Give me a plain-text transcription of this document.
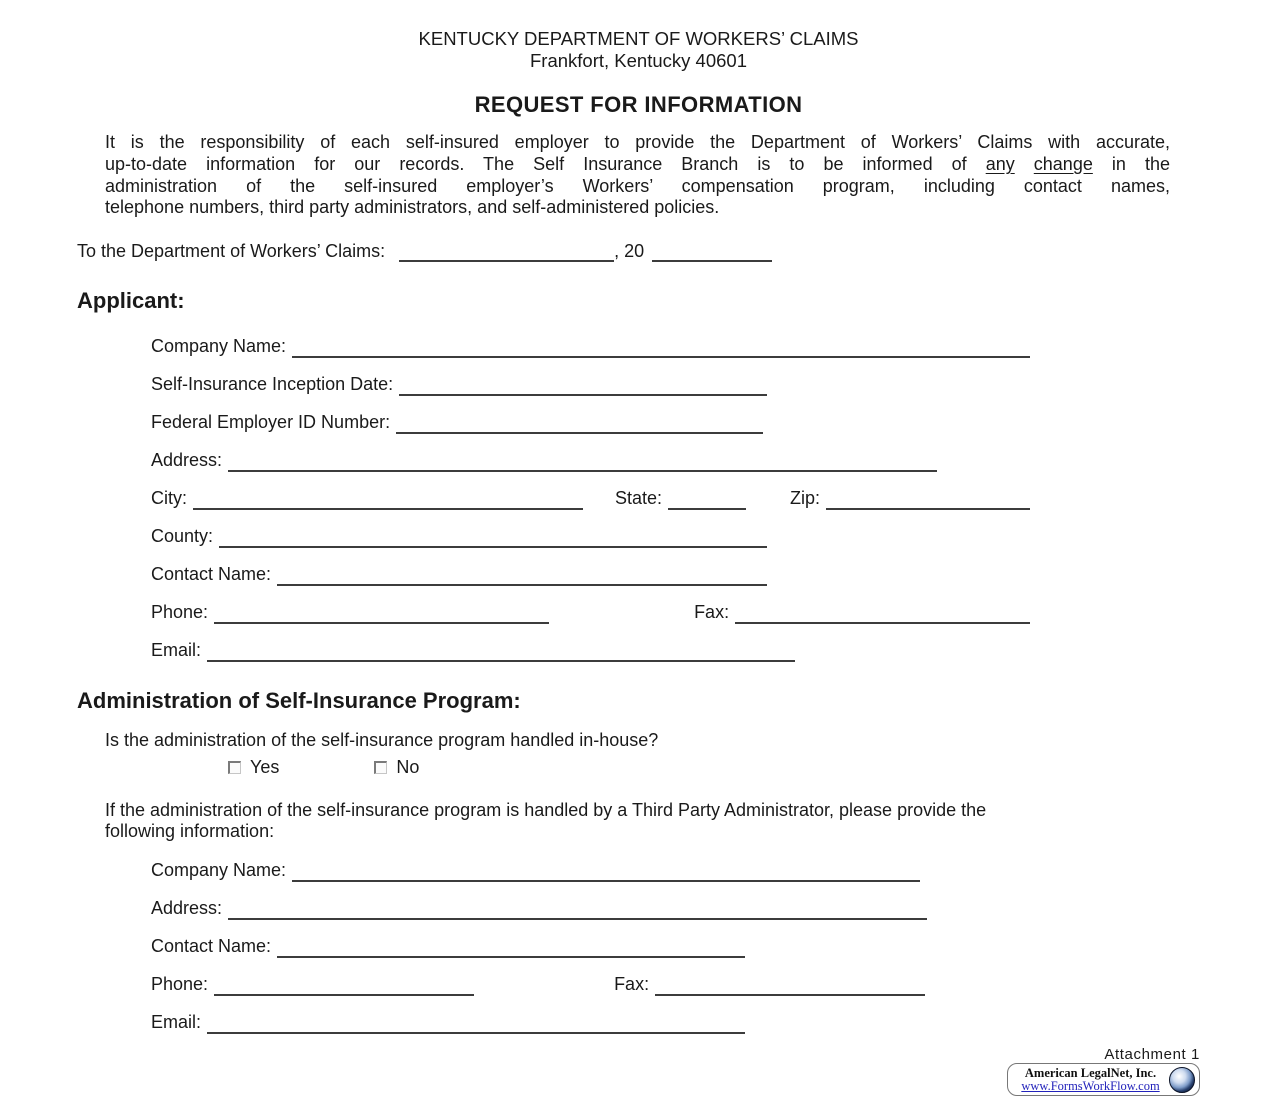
KENTUCKY DEPARTMENT OF WORKERS’ CLAIMS
Frankfort, Kentucky 40601
REQUEST FOR INFORMATION
It is the responsibility of each self-insured employer to provide the Department of Workers’ Claims with accurate,
up-to-date information for our records. The Self Insurance Branch is to be informed of any change in the
administration of the self-insured employer’s Workers’ compensation program, including contact names,
telephone numbers, third party administrators, and self-administered policies.
To the Department of Workers’ Claims:	, 20
Applicant:
Company Name:
Self-Insurance Inception Date:
Federal Employer ID Number:
Address:
City:	State:	Zip:
County:
Contact Name:
Phone:	Fax:
Email:
Administration of Self-Insurance Program:
Is the administration of the self-insurance program handled in-house?
Yes	No
If the administration of the self-insurance program is handled by a Third Party Administrator, please provide the
following information:
Company Name:
Address:
Contact Name:
Phone:	Fax:
Email:
Attachment 1
American LegalNet, Inc.
www.FormsWorkFlow.com
